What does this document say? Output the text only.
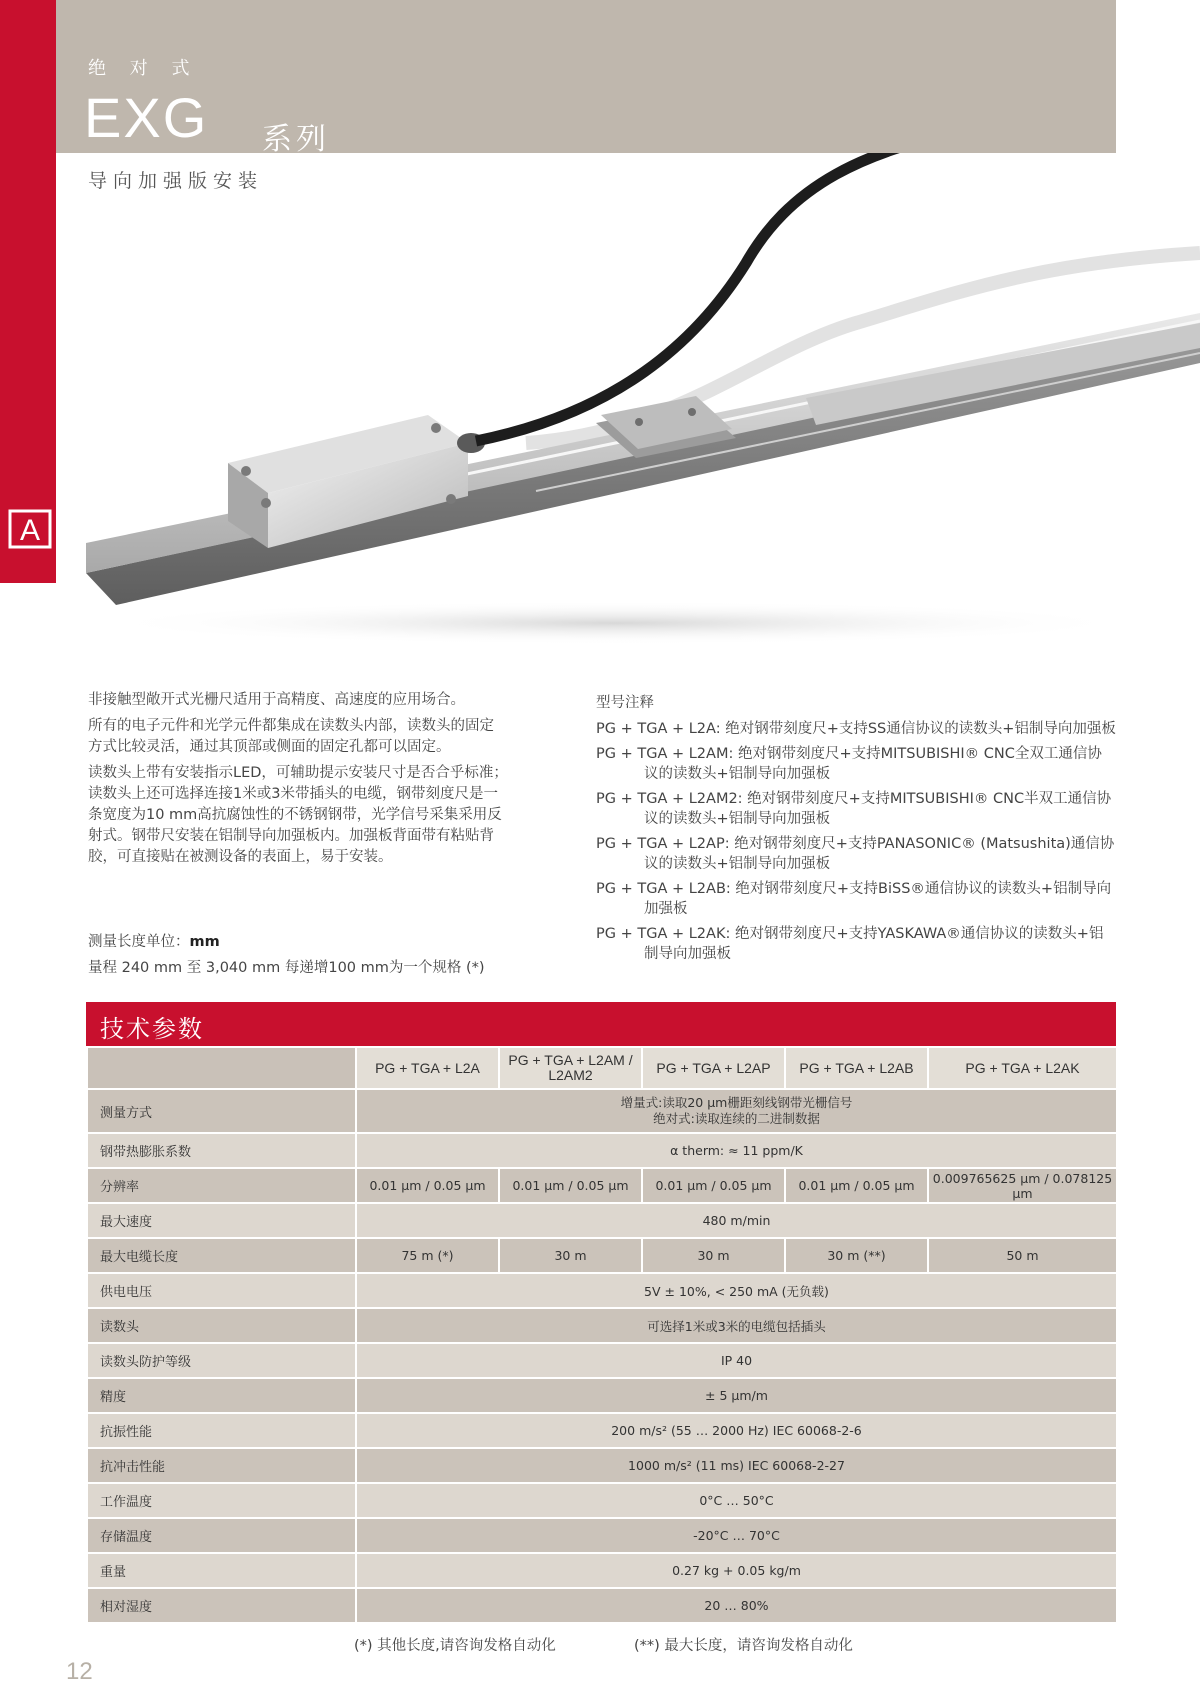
A
绝 对 式
EXG 系列
导向加强版安装

非接触型敞开式光栅尺适用于高精度、高速度的应用场合。

所有的电子元件和光学元件都集成在读数头内部，读数头的固定方式比较灵活，通过其顶部或侧面的固定孔都可以固定。

读数头上带有安装指示LED，可辅助提示安装尺寸是否合乎标准；读数头上还可选择连接1米或3米带插头的电缆，钢带刻度尺是一条宽度为10 mm高抗腐蚀性的不锈钢钢带，光学信号采集采用反射式。钢带尺安装在铝制导向加强板内。加强板背面带有粘贴背胶，可直接贴在被测设备的表面上，易于安装。

测量长度单位：mm
量程 240 mm 至 3,040 mm 每递增100 mm为一个规格 (*)
型号注释
PG + TGA + L2A: 绝对钢带刻度尺+支持SS通信协议的读数头+铝制导向加强板
PG + TGA + L2AM: 绝对钢带刻度尺+支持MITSUBISHI® CNC全双工通信协议的读数头+铝制导向加强板
PG + TGA + L2AM2: 绝对钢带刻度尺+支持MITSUBISHI® CNC半双工通信协议的读数头+铝制导向加强板
PG + TGA + L2AP: 绝对钢带刻度尺+支持PANASONIC® (Matsushita)通信协议的读数头+铝制导向加强板
PG + TGA + L2AB: 绝对钢带刻度尺+支持BiSS®通信协议的读数头+铝制导向加强板
PG + TGA + L2AK: 绝对钢带刻度尺+支持YASKAWA®通信协议的读数头+铝制导向加强板
技术参数
	PG + TGA + L2A	PG + TGA + L2AM / L2AM2	PG + TGA + L2AP	PG + TGA + L2AB	PG + TGA + L2AK
测量方式	增量式:读取20 µm栅距刻线钢带光栅信号
绝对式:读取连续的二进制数据				
钢带热膨胀系数	α therm: ≈ 11 ppm/K				
分辨率	0.01 µm / 0.05 µm	0.01 µm / 0.05 µm	0.01 µm / 0.05 µm	0.01 µm / 0.05 µm	0.009765625 µm / 0.078125 µm
最大速度	480 m/min				
最大电缆长度	75 m (*)	30 m	30 m	30 m (**)	50 m
供电电压	5V ± 10%, < 250 mA (无负载)				
读数头	可选择1米或3米的电缆包括插头				
读数头防护等级	IP 40				
精度	± 5 µm/m				
抗振性能	200 m/s² (55 … 2000 Hz) IEC 60068-2-6				
抗冲击性能	1000 m/s² (11 ms) IEC 60068-2-27				
工作温度	0°C … 50°C				
存储温度	-20°C … 70°C				
重量	0.27 kg + 0.05 kg/m				
相对湿度	20 … 80%				
(*) 其他长度,请咨询发格自动化	(**) 最大长度，请咨询发格自动化
12
